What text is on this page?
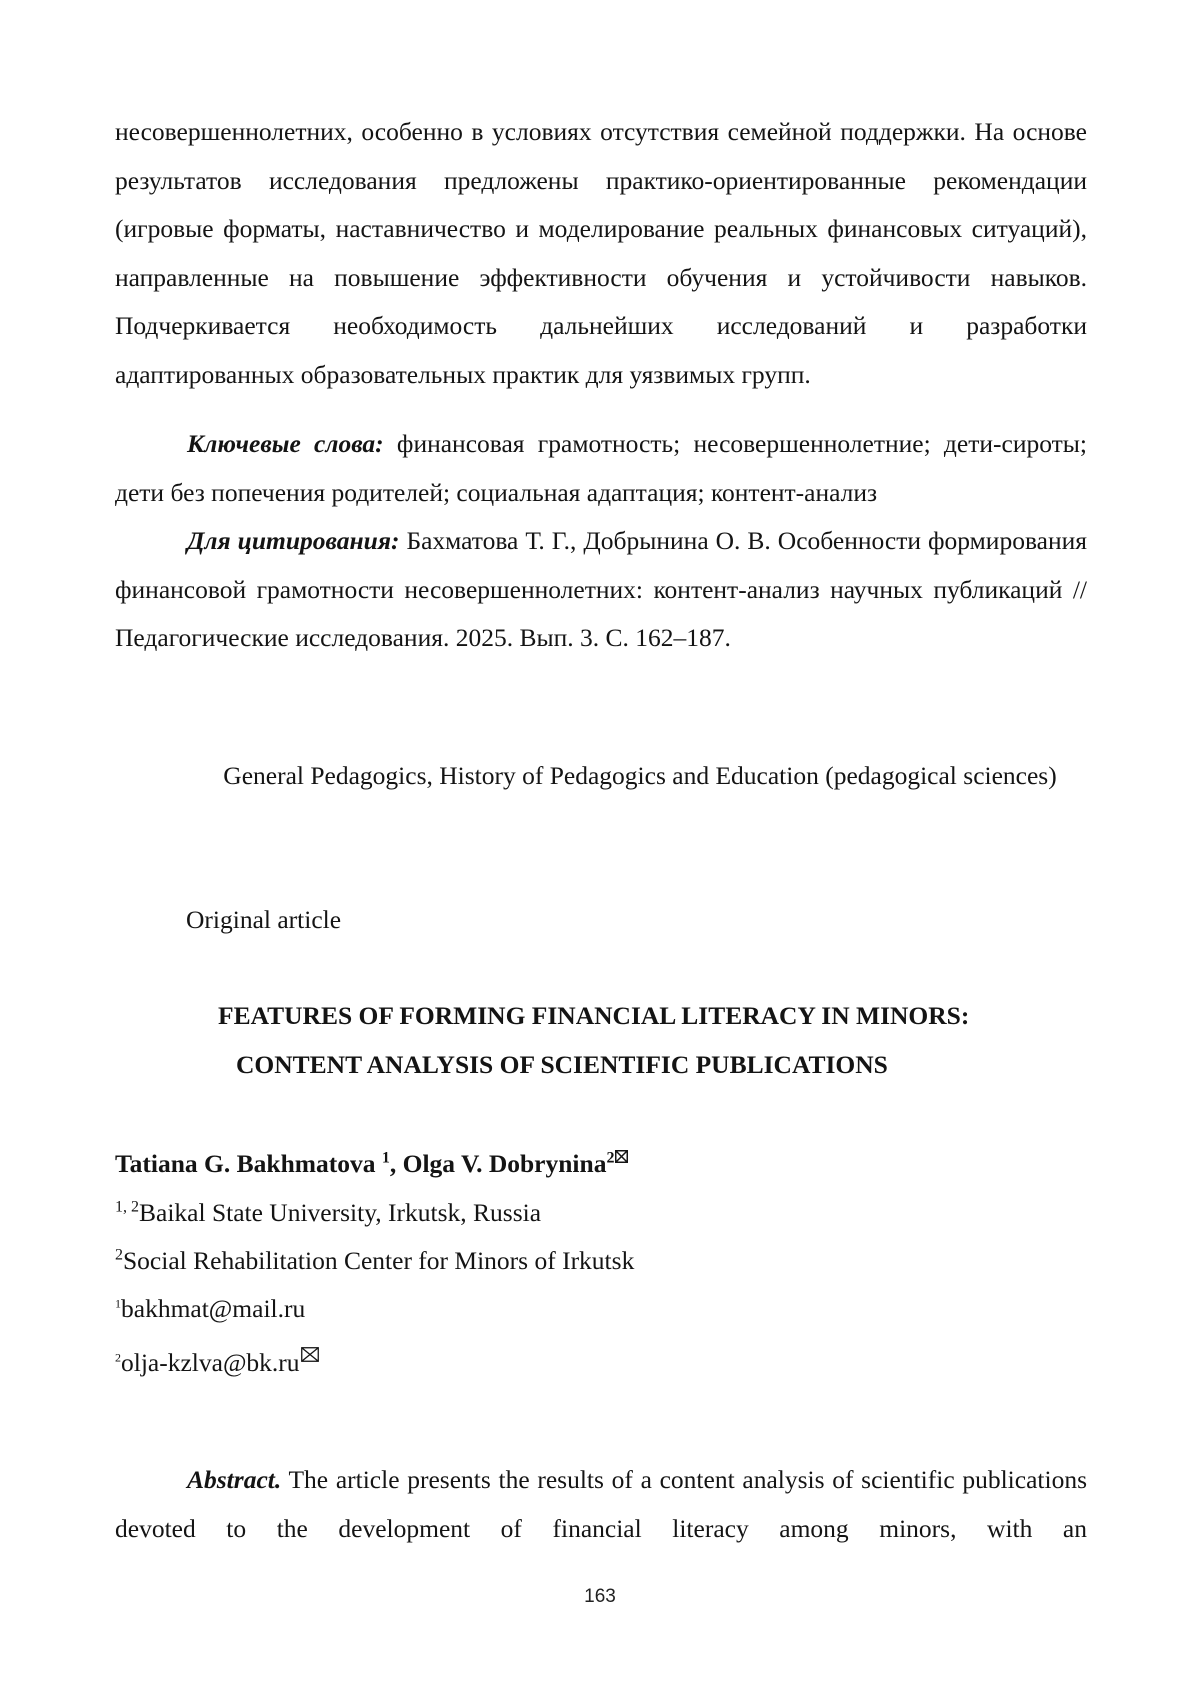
несовершеннолетних, особенно в условиях отсутствия семейной поддержки. На основе результатов исследования предложены практико-ориентированные рекомендации (игровые форматы, наставничество и моделирование реальных финансовых ситуаций), направленные на повышение эффективности обучения и устойчивости навыков. Подчеркивается необходимость дальнейших исследований и разработки адаптированных образовательных практик для уязвимых групп.

Ключевые слова: финансовая грамотность; несовершеннолетние; дети-сироты; дети без попечения родителей; социальная адаптация; контент-анализ

Для цитирования: Бахматова Т. Г., Добрынина О. В. Особенности формирования финансовой грамотности несовершеннолетних: контент-анализ научных публикаций // Педагогические исследования. 2025. Вып. 3. С. 162–187.

General Pedagogics, History of Pedagogics and Education (pedagogical sciences)
Original article
FEATURES OF FORMING FINANCIAL LITERACY IN MINORS:
CONTENT ANALYSIS OF SCIENTIFIC PUBLICATIONS
Tatiana G. Bakhmatova $^1$, Olga V. Dobrynina$^2$
$^{1, 2}$Baikal State University, Irkutsk, Russia
$^2$Social Rehabilitation Center for Minors of Irkutsk
$^1$bakhmat@mail.ru
$^2$olja-kzlva@bk.ru

Abstract. The article presents the results of a content analysis of scientific publications devoted to the development of financial literacy among minors, with an

163
